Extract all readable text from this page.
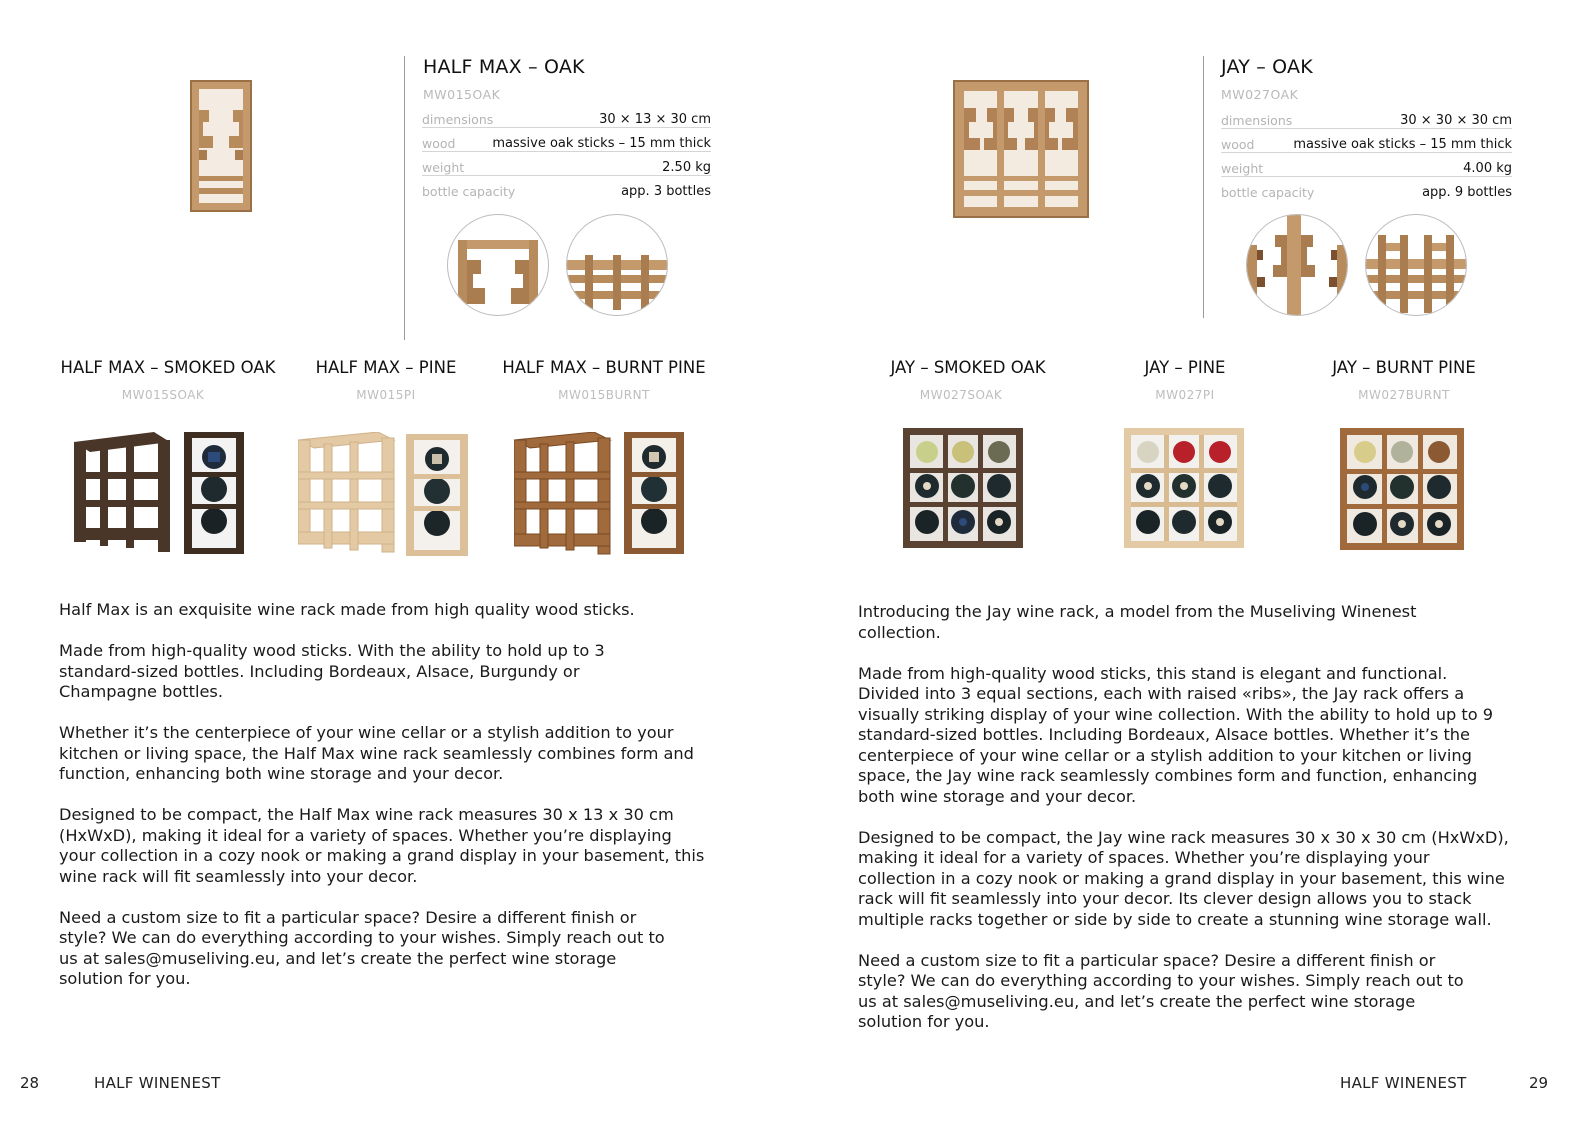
HALF MAX – OAK
MW015OAK
dimensions	30 × 13 × 30 cm
wood	massive oak sticks – 15 mm thick
weight	2.50 kg
bottle capacity	app. 3 bottles
HALF MAX – SMOKED OAK
MW015SOAK
HALF MAX – PINE
MW015PI
HALF MAX – BURNT PINE
MW015BURNT

Half Max is an exquisite wine rack made from high quality wood sticks.

Made from high-quality wood sticks. With the ability to hold up to 3 standard-sized bottles. Including Bordeaux, Alsace, Burgundy or Champagne bottles.

Whether it’s the centerpiece of your wine cellar or a stylish addition to your kitchen or living space, the Half Max wine rack seamlessly combines form and function, enhancing both wine storage and your decor.

Designed to be compact, the Half Max wine rack measures 30 x 13 x 30 cm (HxWxD), making it ideal for a variety of spaces. Whether you’re displaying your collection in a cozy nook or making a grand display in your basement, this wine rack will fit seamlessly into your decor.

Need a custom size to fit a particular space? Desire a different finish or style? We can do everything according to your wishes. Simply reach out to us at sales@museliving.eu, and let’s create the perfect wine storage solution for you.

28	HALF WINENEST
JAY – OAK
MW027OAK
dimensions	30 × 30 × 30 cm
wood	massive oak sticks – 15 mm thick
weight	4.00 kg
bottle capacity	app. 9 bottles
JAY – SMOKED OAK
MW027SOAK
JAY – PINE
MW027PI
JAY – BURNT PINE
MW027BURNT

Introducing the Jay wine rack, a model from the Museliving Winenest collection.

Made from high-quality wood sticks, this stand is elegant and functional. Divided into 3 equal sections, each with raised «ribs», the Jay rack offers a visually striking display of your wine collection. With the ability to hold up to 9 standard-sized bottles. Including Bordeaux, Alsace bottles. Whether it’s the centerpiece of your wine cellar or a stylish addition to your kitchen or living space, the Jay wine rack seamlessly combines form and function, enhancing both wine storage and your decor.

Designed to be compact, the Jay wine rack measures 30 x 30 x 30 cm (HxWxD), making it ideal for a variety of spaces. Whether you’re displaying your collection in a cozy nook or making a grand display in your basement, this wine rack will fit seamlessly into your decor. Its clever design allows you to stack multiple racks together or side by side to create a stunning wine storage wall.

Need a custom size to fit a particular space? Desire a different finish or style? We can do everything according to your wishes. Simply reach out to us at sales@museliving.eu, and let’s create the perfect wine storage solution for you.

HALF WINENEST	29
